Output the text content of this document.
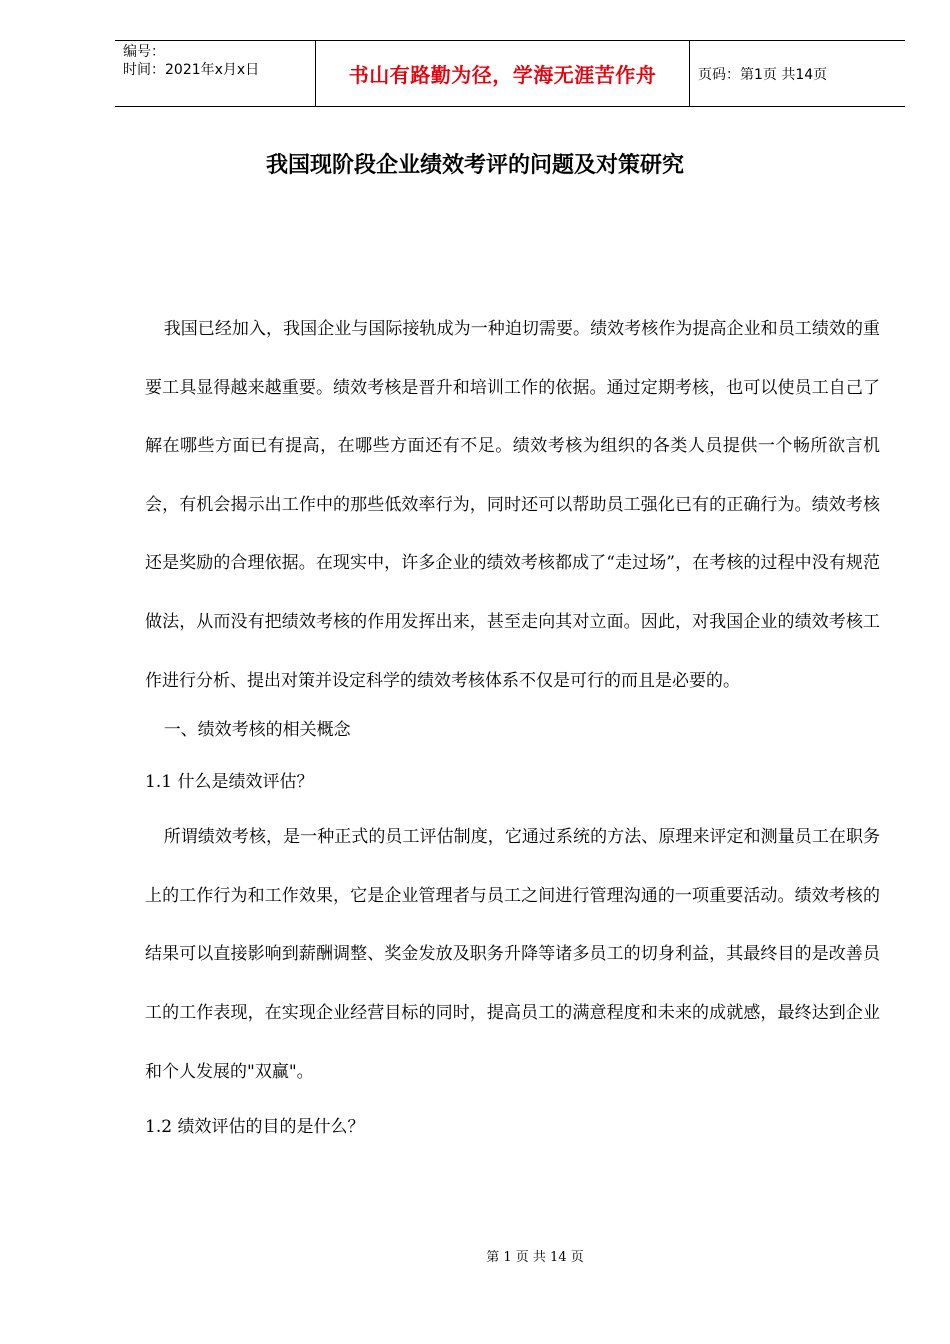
编号：
时间：2021年x月x日	书山有路勤为径，学海无涯苦作舟	页码：第1页 共14页
我国现阶段企业绩效考评的问题及对策研究

我国已经加入，我国企业与国际接轨成为一种迫切需要。绩效考核作为提高企业和员工绩效的重要工具显得越来越重要。绩效考核是晋升和培训工作的依据。通过定期考核，也可以使员工自己了解在哪些方面已有提高，在哪些方面还有不足。绩效考核为组织的各类人员提供一个畅所欲言机会，有机会揭示出工作中的那些低效率行为，同时还可以帮助员工强化已有的正确行为。绩效考核还是奖励的合理依据。在现实中，许多企业的绩效考核都成了“走过场”，在考核的过程中没有规范做法，从而没有把绩效考核的作用发挥出来，甚至走向其对立面。因此，对我国企业的绩效考核工作进行分析、提出对策并设定科学的绩效考核体系不仅是可行的而且是必要的。

一、绩效考核的相关概念

1.1 什么是绩效评估？

所谓绩效考核，是一种正式的员工评估制度，它通过系统的方法、原理来评定和测量员工在职务上的工作行为和工作效果，它是企业管理者与员工之间进行管理沟通的一项重要活动。绩效考核的结果可以直接影响到薪酬调整、奖金发放及职务升降等诸多员工的切身利益，其最终目的是改善员工的工作表现，在实现企业经营目标的同时，提高员工的满意程度和未来的成就感，最终达到企业和个人发展的"双赢"。

1.2 绩效评估的目的是什么？

第 1 页 共 14 页
